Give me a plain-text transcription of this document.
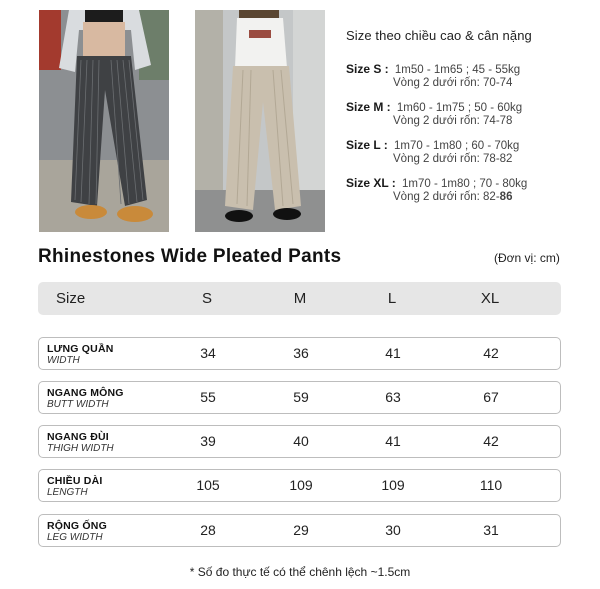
Size theo chiều cao & cân nặng
Size S : 1m50 - 1m65 ; 45 - 55kg
Vòng 2 dưới rốn: 70-74
Size M : 1m60 - 1m75 ; 50 - 60kg
Vòng 2 dưới rốn: 74-78
Size L : 1m70 - 1m80 ; 60 - 70kg
Vòng 2 dưới rốn: 78-82
Size XL : 1m70 - 1m80 ; 70 - 80kg
Vòng 2 dưới rốn: 82-86
Rhinestones Wide Pleated Pants	(Đơn vị: cm)
Size	S	M	L	XL
LƯNG QUẦN
WIDTH	34	36	41	42
NGANG MÔNG
BUTT WIDTH	55	59	63	67
NGANG ĐÙI
THIGH WIDTH	39	40	41	42
CHIỀU DÀI
LENGTH	105	109	109	110
RỘNG ỐNG
LEG WIDTH	28	29	30	31
* Số đo thực tế có thể chênh lệch ~1.5cm
